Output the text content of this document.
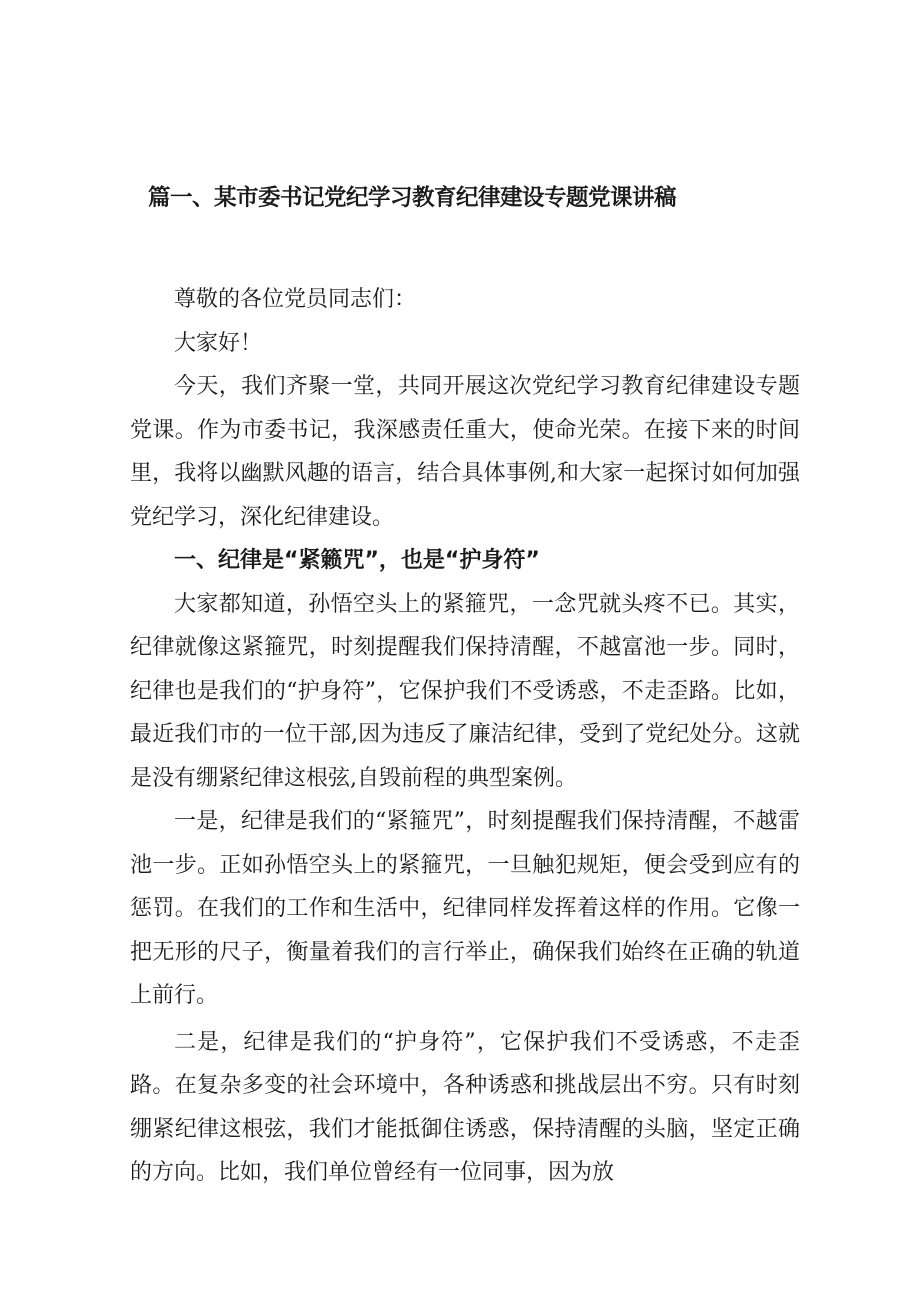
篇一、某市委书记党纪学习教育纪律建设专题党课讲稿

尊敬的各位党员同志们：

大家好！

今天，我们齐聚一堂，共同开展这次党纪学习教育纪律建设专题党课。作为市委书记，我深感责任重大，使命光荣。在接下来的时间里，我将以幽默风趣的语言，结合具体事例,和大家一起探讨如何加强党纪学习，深化纪律建设。

一、纪律是“紧籁咒”，也是“护身符”

大家都知道，孙悟空头上的紧箍咒，一念咒就头疼不已。其实，纪律就像这紧箍咒，时刻提醒我们保持清醒，不越富池一步。同时，纪律也是我们的“护身符”，它保护我们不受诱惑，不走歪路。比如，最近我们市的一位干部,因为违反了廉洁纪律，受到了党纪处分。这就是没有绷紧纪律这根弦,自毁前程的典型案例。

一是，纪律是我们的“紧箍咒”，时刻提醒我们保持清醒，不越雷池一步。正如孙悟空头上的紧箍咒，一旦触犯规矩，便会受到应有的惩罚。在我们的工作和生活中，纪律同样发挥着这样的作用。它像一把无形的尺子，衡量着我们的言行举止，确保我们始终在正确的轨道上前行。

二是，纪律是我们的“护身符”，它保护我们不受诱惑，不走歪路。在复杂多变的社会环境中，各种诱惑和挑战层出不穷。只有时刻绷紧纪律这根弦，我们才能抵御住诱惑，保持清醒的头脑，坚定正确的方向。比如，我们单位曾经有一位同事，因为放
